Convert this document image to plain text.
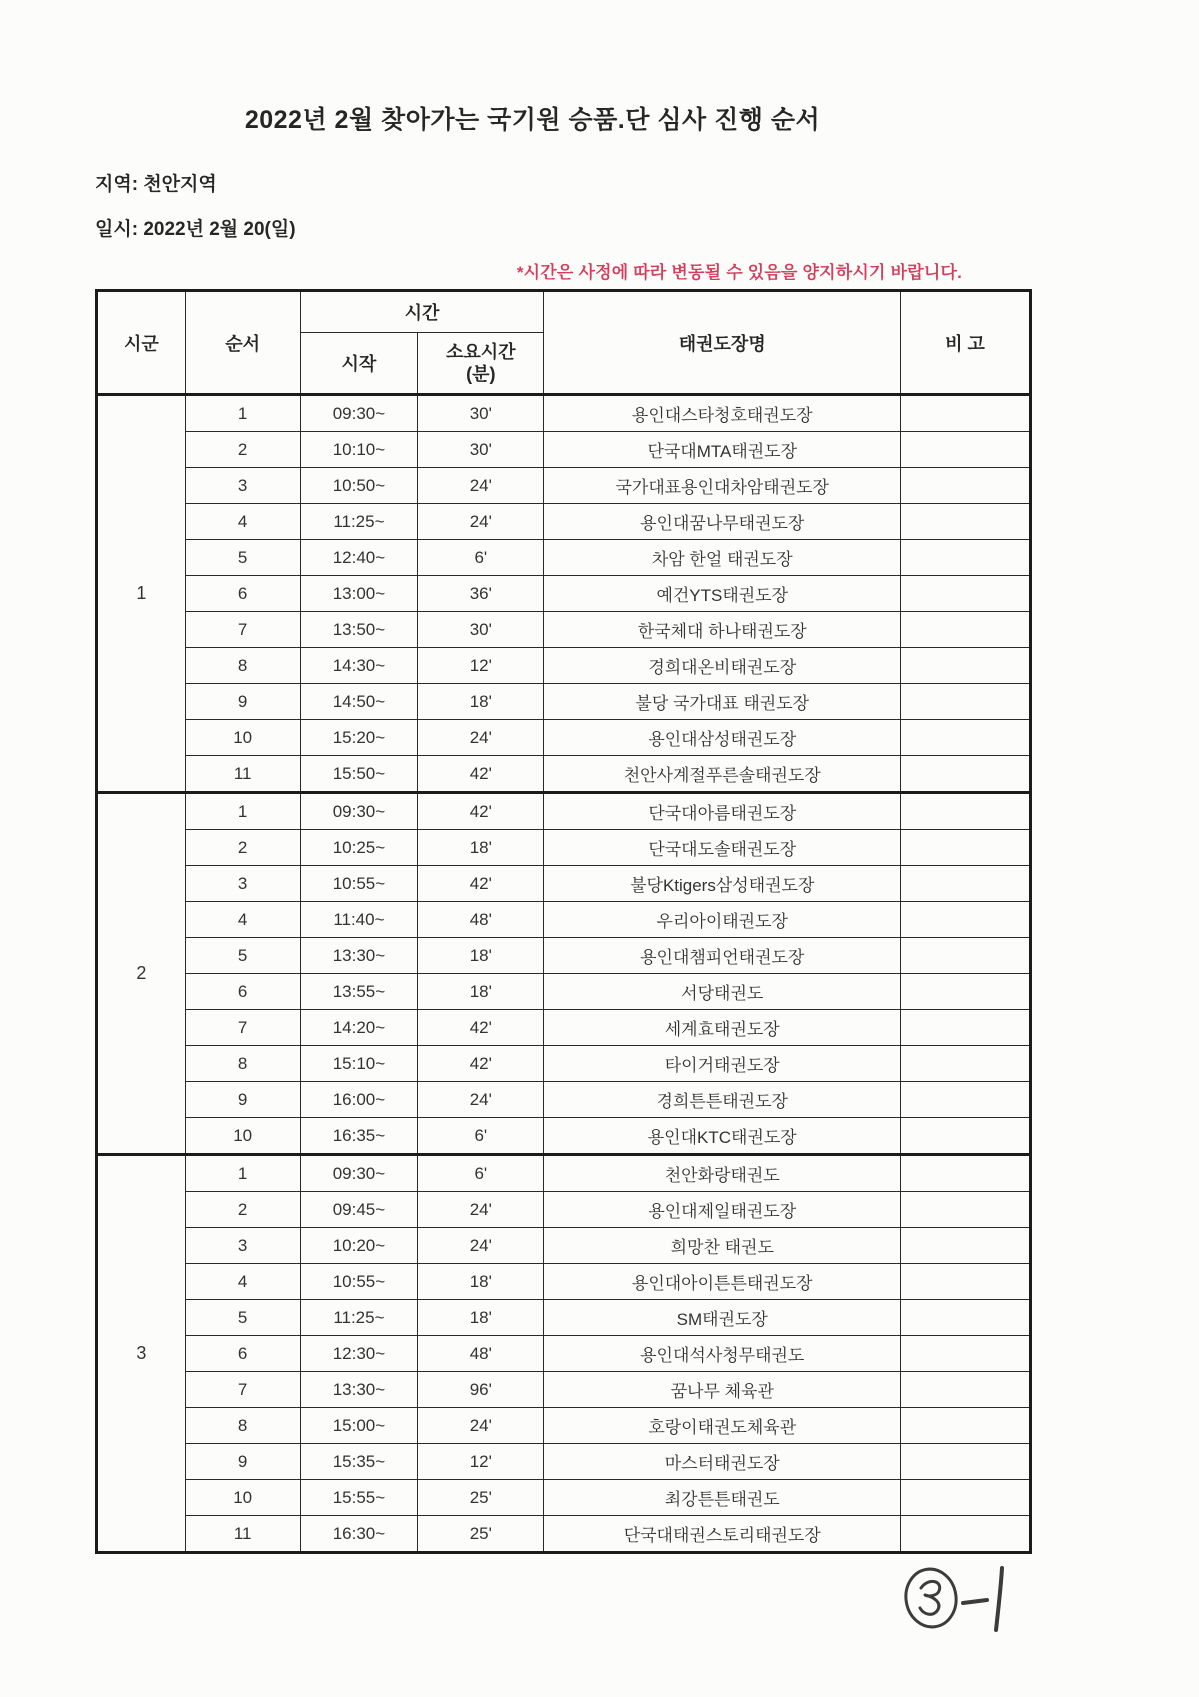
2022년 2월 찾아가는 국기원 승품.단 심사 진행 순서
지역: 천안지역
일시: 2022년 2월 20(일)
*시간은 사정에 따라 변동될 수 있음을 양지하시기 바랍니다.
시군	순서	시간		태권도장명	비 고
		시작	소요시간
(분)		

1	1	09:30~	30'	용인대스타청호태권도장	
	2	10:10~	30'	단국대MTA태권도장	
	3	10:50~	24'	국가대표용인대차암태권도장	
	4	11:25~	24'	용인대꿈나무태권도장	
	5	12:40~	6'	차암 한얼 태권도장	
	6	13:00~	36'	예건YTS태권도장	
	7	13:50~	30'	한국체대 하나태권도장	
	8	14:30~	12'	경희대온비태권도장	
	9	14:50~	18'	불당 국가대표 태권도장	
	10	15:20~	24'	용인대삼성태권도장	
	11	15:50~	42'	천안사계절푸른솔태권도장	
2	1	09:30~	42'	단국대아름태권도장	
	2	10:25~	18'	단국대도솔태권도장	
	3	10:55~	42'	불당Ktigers삼성태권도장	
	4	11:40~	48'	우리아이태권도장	
	5	13:30~	18'	용인대챔피언태권도장	
	6	13:55~	18'	서당태권도	
	7	14:20~	42'	세계효태권도장	
	8	15:10~	42'	타이거태권도장	
	9	16:00~	24'	경희튼튼태권도장	
	10	16:35~	6'	용인대KTC태권도장	
3	1	09:30~	6'	천안화랑태권도	
	2	09:45~	24'	용인대제일태권도장	
	3	10:20~	24'	희망찬 태권도	
	4	10:55~	18'	용인대아이튼튼태권도장	
	5	11:25~	18'	SM태권도장	
	6	12:30~	48'	용인대석사청무태권도	
	7	13:30~	96'	꿈나무 체육관	
	8	15:00~	24'	호랑이태권도체육관	
	9	15:35~	12'	마스터태권도장	
	10	15:55~	25'	최강튼튼태권도	
	11	16:30~	25'	단국대태권스토리태권도장	
